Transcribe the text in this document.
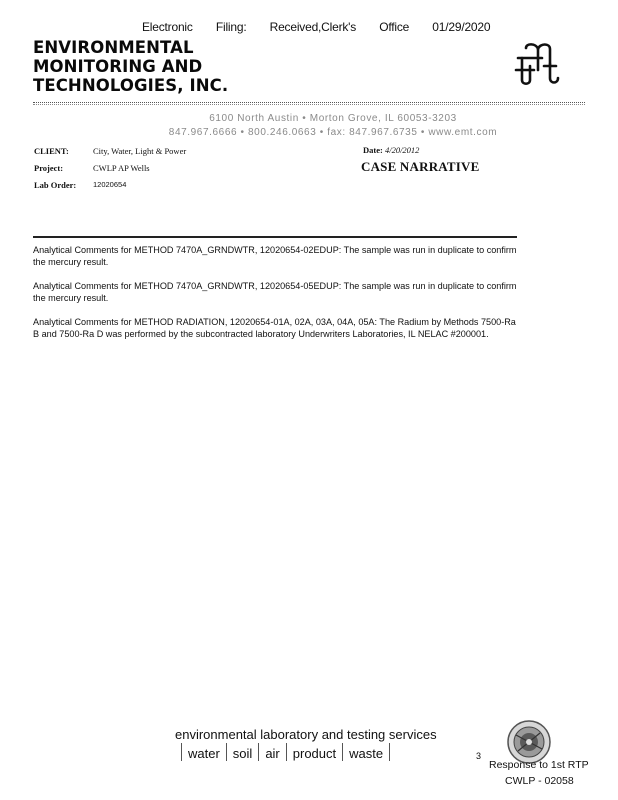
Electronic Filing: Received,Clerk's Office 01/29/2020
ENVIRONMENTAL
MONITORING AND
TECHNOLOGIES, INC.
6100 North Austin • Morton Grove, IL 60053-3203
847.967.6666 • 800.246.0663 • fax: 847.967.6735 • www.emt.com
CLIENT:	City, Water, Light & Power
Project:	CWLP AP Wells
Lab Order: 12020654
Date: 4/20/2012
CASE NARRATIVE
Analytical Comments for METHOD 7470A_GRNDWTR, 12020654-02EDUP: The sample was run in duplicate to confirm the mercury result.
Analytical Comments for METHOD 7470A_GRNDWTR, 12020654-05EDUP: The sample was run in duplicate to confirm the mercury result.
Analytical Comments for METHOD RADIATION, 12020654-01A, 02A, 03A, 04A, 05A: The Radium by Methods 7500-Ra B and 7500-Ra D was performed by the subcontracted laboratory Underwriters Laboratories, IL NELAC #200001.
environmental laboratory and testing services
water soil air product waste	3
Response to 1st RTP
CWLP - 02058
